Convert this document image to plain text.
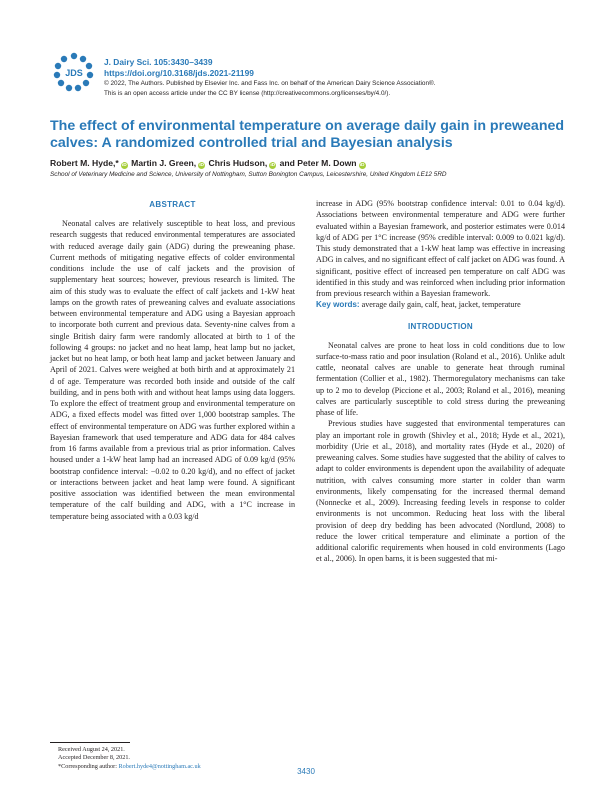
JDS
J. Dairy Sci. 105:3430–3439
https://doi.org/10.3168/jds.2021-21199
© 2022, The Authors. Published by Elsevier Inc. and Fass Inc. on behalf of the American Dairy Science Association®.
This is an open access article under the CC BY license (http://creativecommons.org/licenses/by/4.0/).
The effect of environmental temperature on average daily gain in preweaned calves: A randomized controlled trial and Bayesian analysis
Robert M. Hyde,* iD Martin J. Green, iD Chris Hudson, iD and Peter M. Down iD
School of Veterinary Medicine and Science, University of Nottingham, Sutton Bonington Campus, Leicestershire, United Kingdom LE12 5RD
ABSTRACT

Neonatal calves are relatively susceptible to heat loss, and previous research suggests that reduced environmental temperatures are associated with reduced average daily gain (ADG) during the preweaning phase. Current methods of mitigating negative effects of colder environmental conditions include the use of calf jackets and the provision of supplementary heat sources; however, previous research is limited. The aim of this study was to evaluate the effect of calf jackets and 1-kW heat lamps on the growth rates of preweaning calves and evaluate associations between environmental temperature and ADG using a Bayesian approach to incorporate both current and previous data. Seventy-nine calves from a single British dairy farm were randomly allocated at birth to 1 of the following 4 groups: no jacket and no heat lamp, heat lamp but no jacket, jacket but no heat lamp, or both heat lamp and jacket between January and April of 2021. Calves were weighed at both birth and at approximately 21 d of age. Temperature was recorded both inside and outside of the calf building, and in pens both with and without heat lamps using data loggers. To explore the effect of treatment group and environmental temperature on ADG, a fixed effects model was fitted over 1,000 bootstrap samples. The effect of environmental temperature on ADG was further explored within a Bayesian framework that used temperature and ADG data for 484 calves from 16 farms available from a previous trial as prior information. Calves housed under a 1-kW heat lamp had an increased ADG of 0.09 kg/d (95% bootstrap confidence interval: −0.02 to 0.20 kg/d), and no effect of jacket or interactions between jacket and heat lamp were found. A significant positive association was identified between the mean environmental temperature of the calf building and ADG, with a 1°C increase in temperature being associated with a 0.03 kg/d

increase in ADG (95% bootstrap confidence interval: 0.01 to 0.04 kg/d). Associations between environmental temperature and ADG were further evaluated within a Bayesian framework, and posterior estimates were 0.014 kg/d of ADG per 1°C increase (95% credible interval: 0.009 to 0.021 kg/d). This study demonstrated that a 1-kW heat lamp was effective in increasing ADG in calves, and no significant effect of calf jacket on ADG was found. A significant, positive effect of increased pen temperature on calf ADG was identified in this study and was reinforced when including prior information from previous research within a Bayesian framework.

Key words: average daily gain, calf, heat, jacket, temperature

INTRODUCTION

Neonatal calves are prone to heat loss in cold conditions due to low surface-to-mass ratio and poor insulation (Roland et al., 2016). Unlike adult cattle, neonatal calves are unable to generate heat through ruminal fermentation (Collier et al., 1982). Thermoregulatory mechanisms can take up to 2 mo to develop (Piccione et al., 2003; Roland et al., 2016), meaning calves are particularly susceptible to cold stress during the preweaning phase of life.

Previous studies have suggested that environmental temperatures can play an important role in growth (Shivley et al., 2018; Hyde et al., 2021), morbidity (Urie et al., 2018), and mortality rates (Hyde et al., 2020) of preweaning calves. Some studies have suggested that the ability of calves to adapt to colder environments is dependent upon the availability of adequate nutrition, with calves consuming more starter in colder than warm environments, likely compensating for the increased thermal demand (Nonnecke et al., 2009). Increasing feeding levels in response to colder environments is not uncommon. Reducing heat loss with the liberal provision of deep dry bedding has been advocated (Nordlund, 2008) to reduce the lower critical temperature and eliminate a portion of the additional calorific requirements when housed in cold environments (Lago et al., 2006). In open barns, it is been suggested that mi-

Received August 24, 2021.
Accepted December 8, 2021.
*Corresponding author: Robert.hyde4@nottingham.ac.uk
3430
